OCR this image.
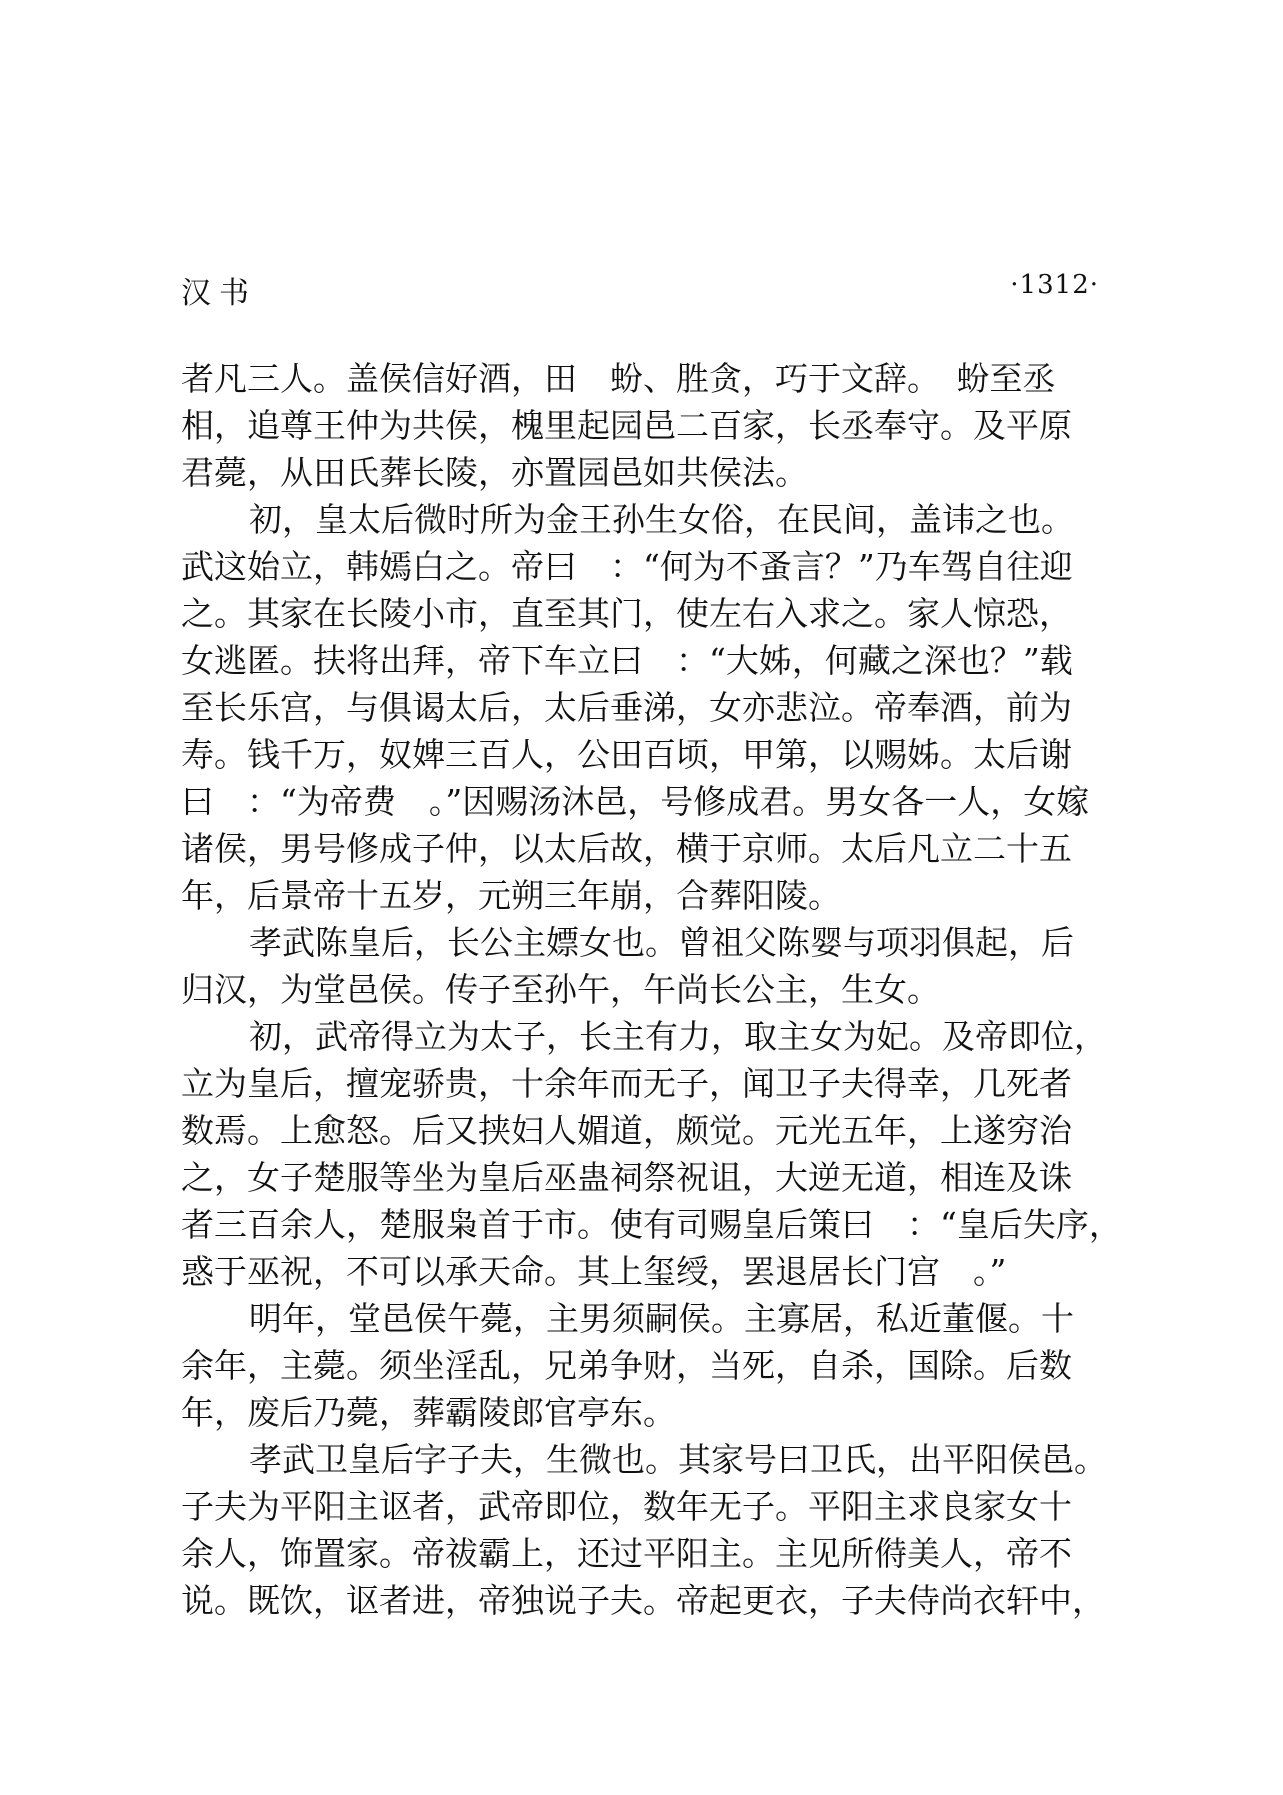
汉书	·1312·
者凡三人。盖侯信好酒，田　蚡、胜贪，巧于文辞。　蚡至丞
相，追尊王仲为共侯，槐里起园邑二百家，长丞奉守。及平原
君薨，从田氏葬长陵，亦置园邑如共侯法。
初，皇太后微时所为金王孙生女俗，在民间，盖讳之也。
武这始立，韩嫣白之。帝曰　：“何为不蚤言？”乃车驾自往迎
之。其家在长陵小市，直至其门，使左右入求之。家人惊恐，
女逃匿。扶将出拜，帝下车立曰　：“大姊，何藏之深也？”载
至长乐宫，与俱谒太后，太后垂涕，女亦悲泣。帝奉酒，前为
寿。钱千万，奴婢三百人，公田百顷，甲第，以赐姊。太后谢
曰　：“为帝费　。”因赐汤沐邑，号修成君。男女各一人，女嫁
诸侯，男号修成子仲，以太后故，横于京师。太后凡立二十五
年，后景帝十五岁，元朔三年崩，合葬阳陵。
孝武陈皇后，长公主嫖女也。曾祖父陈婴与项羽俱起，后
归汉，为堂邑侯。传子至孙午，午尚长公主，生女。
初，武帝得立为太子，长主有力，取主女为妃。及帝即位，
立为皇后，擅宠骄贵，十余年而无子，闻卫子夫得幸，几死者
数焉。上愈怒。后又挟妇人媚道，颇觉。元光五年，上遂穷治
之，女子楚服等坐为皇后巫蛊祠祭祝诅，大逆无道，相连及诛
者三百余人，楚服枭首于市。使有司赐皇后策曰　：“皇后失序，
惑于巫祝，不可以承天命。其上玺绶，罢退居长门宫　。”
明年，堂邑侯午薨，主男须嗣侯。主寡居，私近董偃。十
余年，主薨。须坐淫乱，兄弟争财，当死，自杀，国除。后数
年，废后乃薨，葬霸陵郎官亭东。
孝武卫皇后字子夫，生微也。其家号曰卫氏，出平阳侯邑。
子夫为平阳主讴者，武帝即位，数年无子。平阳主求良家女十
余人，饰置家。帝祓霸上，还过平阳主。主见所偫美人，帝不
说。既饮，讴者进，帝独说子夫。帝起更衣，子夫侍尚衣轩中，
